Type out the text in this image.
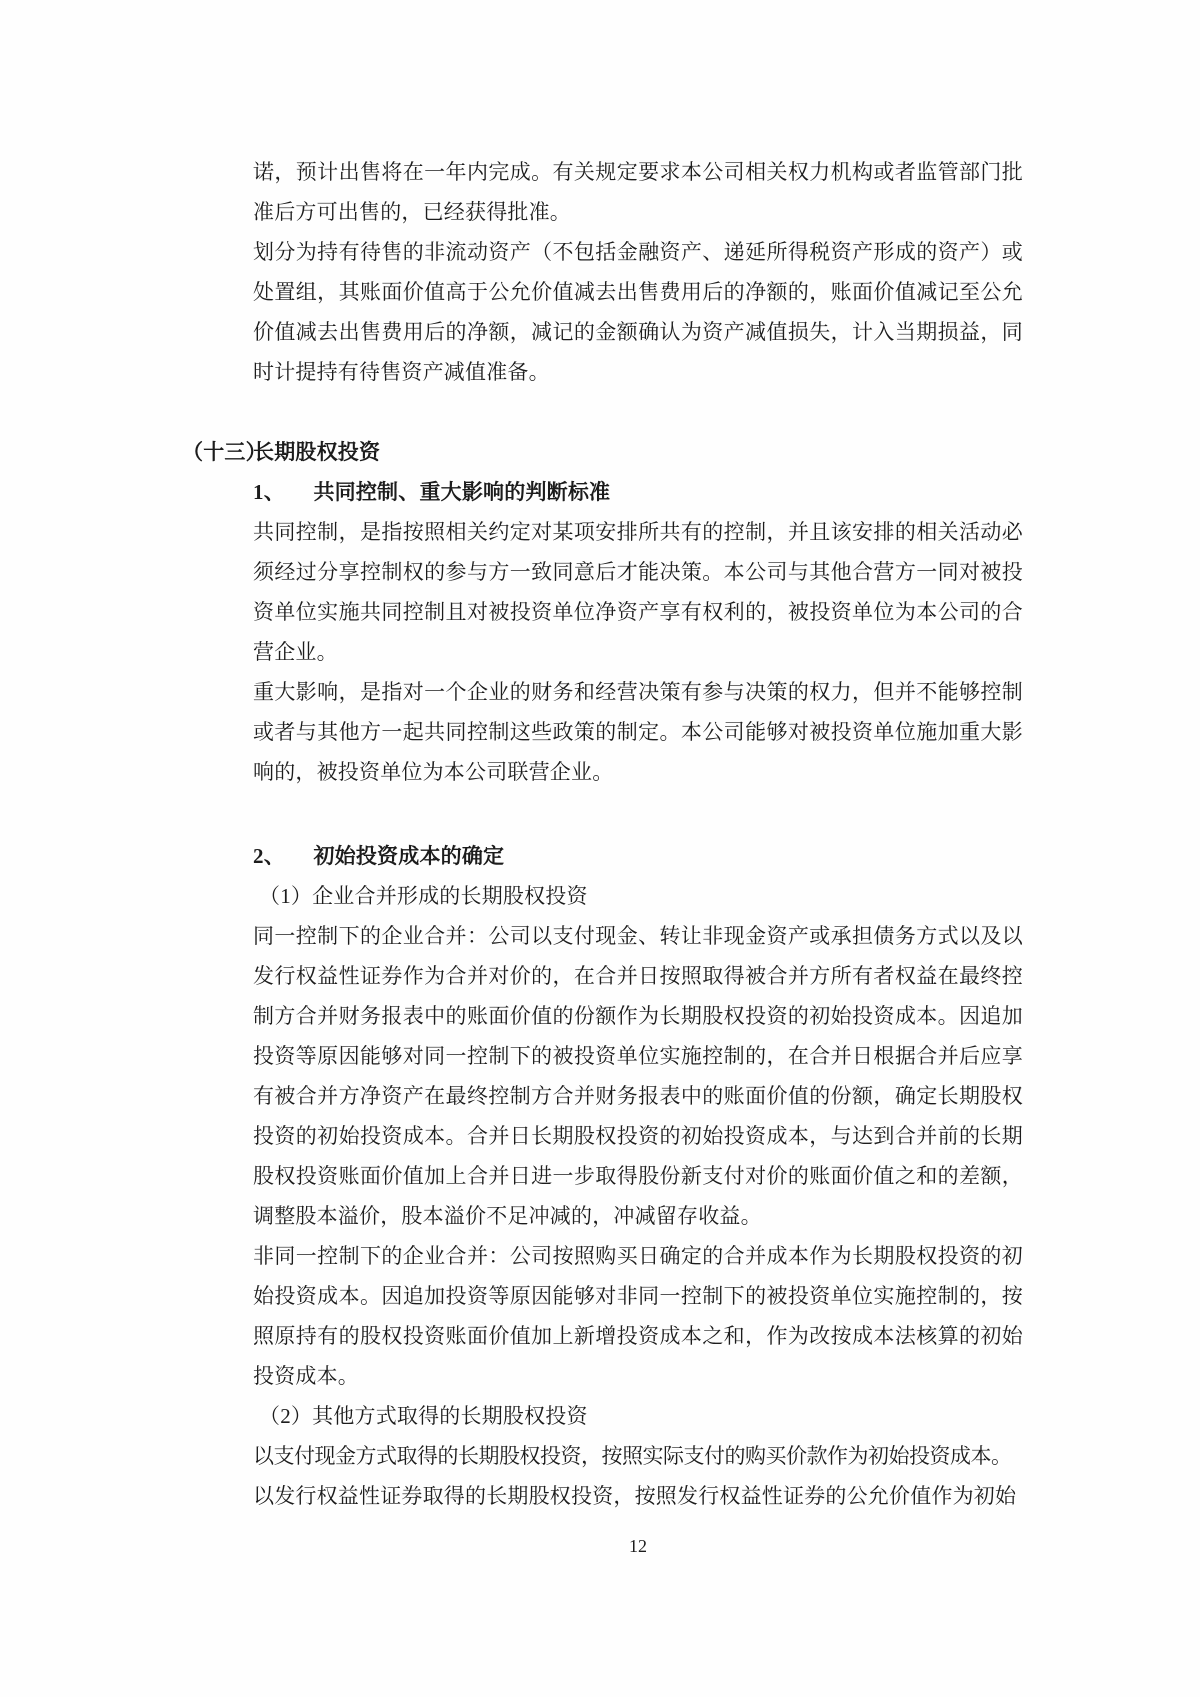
诺，预计出售将在一年内完成。有关规定要求本公司相关权力机构或者监管部门批准后方可出售的，已经获得批准。

划分为持有待售的非流动资产（不包括金融资产、递延所得税资产形成的资产）或处置组，其账面价值高于公允价值减去出售费用后的净额的，账面价值减记至公允价值减去出售费用后的净额，减记的金额确认为资产减值损失，计入当期损益，同时计提持有待售资产减值准备。

（十三）
长期股权投资
1、 共同控制、重大影响的判断标准

共同控制，是指按照相关约定对某项安排所共有的控制，并且该安排的相关活动必须经过分享控制权的参与方一致同意后才能决策。本公司与其他合营方一同对被投资单位实施共同控制且对被投资单位净资产享有权利的，被投资单位为本公司的合营企业。

重大影响，是指对一个企业的财务和经营决策有参与决策的权力，但并不能够控制或者与其他方一起共同控制这些政策的制定。本公司能够对被投资单位施加重大影响的，被投资单位为本公司联营企业。

2、 初始投资成本的确定

（1）企业合并形成的长期股权投资

同一控制下的企业合并：公司以支付现金、转让非现金资产或承担债务方式以及以发行权益性证券作为合并对价的，在合并日按照取得被合并方所有者权益在最终控制方合并财务报表中的账面价值的份额作为长期股权投资的初始投资成本。因追加投资等原因能够对同一控制下的被投资单位实施控制的，在合并日根据合并后应享有被合并方净资产在最终控制方合并财务报表中的账面价值的份额，确定长期股权投资的初始投资成本。合并日长期股权投资的初始投资成本，与达到合并前的长期股权投资账面价值加上合并日进一步取得股份新支付对价的账面价值之和的差额，调整股本溢价，股本溢价不足冲减的，冲减留存收益。

非同一控制下的企业合并：公司按照购买日确定的合并成本作为长期股权投资的初始投资成本。因追加投资等原因能够对非同一控制下的被投资单位实施控制的，按照原持有的股权投资账面价值加上新增投资成本之和，作为改按成本法核算的初始投资成本。

（2）其他方式取得的长期股权投资

以支付现金方式取得的长期股权投资，按照实际支付的购买价款作为初始投资成本。

以发行权益性证券取得的长期股权投资，按照发行权益性证券的公允价值作为初始

12
